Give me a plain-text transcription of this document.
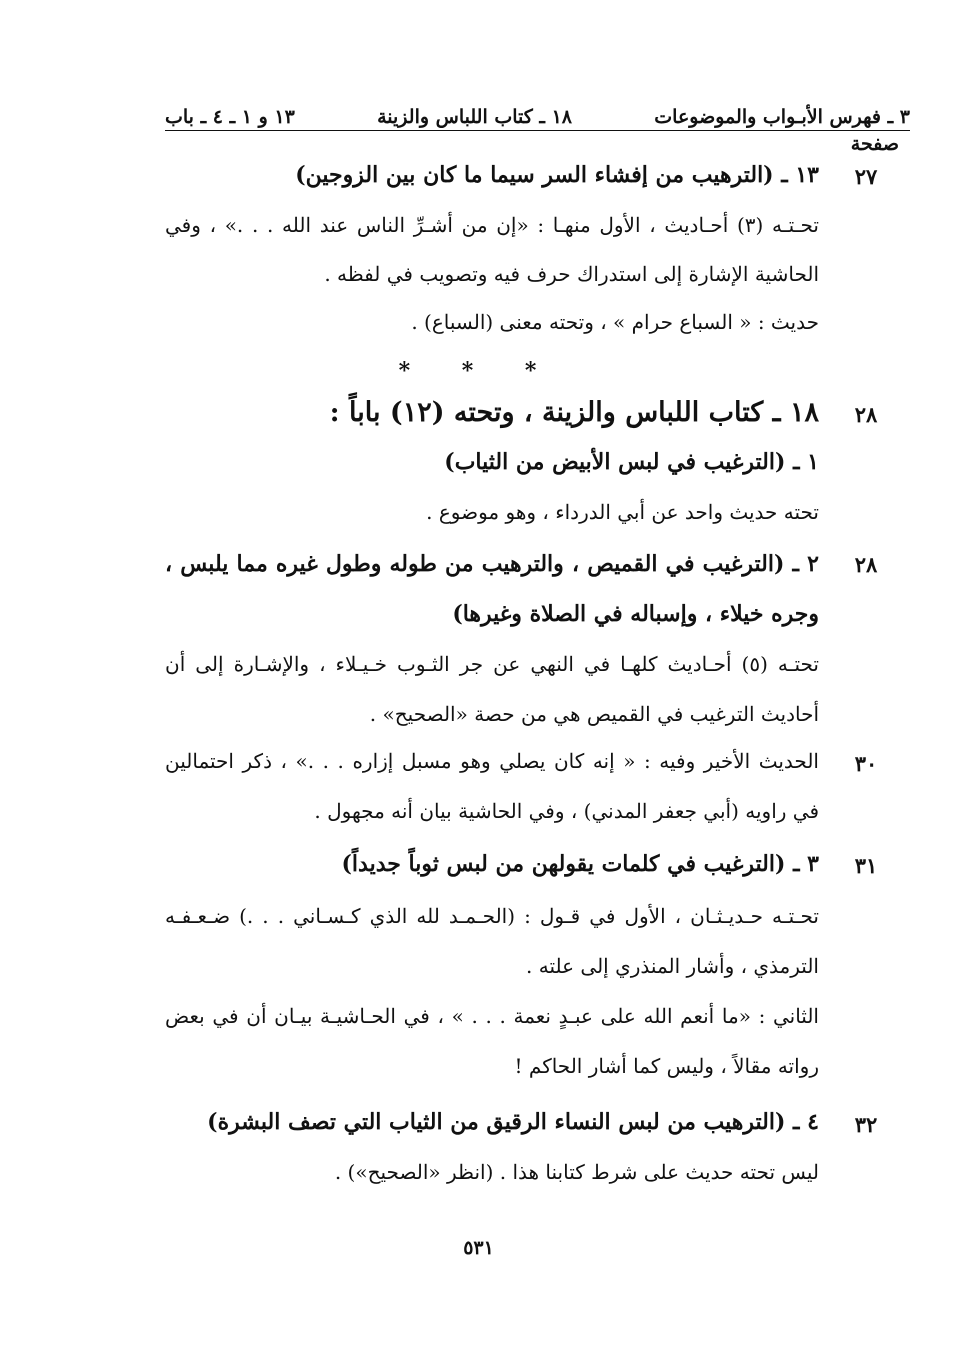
٣ ـ فهرس الأبـواب والموضوعات
١٨ ـ كتاب اللباس والزينة
١٣ و ١ ـ ٤ ـ باب
صفحة
٢٧
١٣ ـ (الترهيب من إفشاء السر سيما ما كان بين الزوجين)
تحـتـه (٣) أحـاديث ، الأول منهـا : «إن من أشـرِّ الناس عند الله . . .» ، وفي
الحاشية الإشارة إلى استدراك حرف فيه وتصويب في لفظه .
حديث : « السباع حرام » ، وتحته معنى (السباع) .
* * *
٢٨
١٨ ـ كتاب اللباس والزينة ، وتحته (١٢) باباً :
١ ـ (الترغيب في لبس الأبيض من الثياب)
تحته حديث واحد عن أبي الدرداء ، وهو موضوع .
٢٨
٢ ـ (الترغيب في القميص ، والترهيب من طوله وطول غيره مما يلبس ،
وجره خيلاء ، وإسباله في الصلاة وغيرها)
تحتـه (٥) أحـاديث كلهـا في النهي عن جر الثـوب خـيـلاء ، والإشـارة إلى أن
أحاديث الترغيب في القميص هي من حصة «الصحيح» .
٣٠
الحديث الأخير وفيه : « إنه كان يصلي وهو مسبل إزاره . . .» ، ذكر احتمالين
في راويه (أبي جعفر المدني) ، وفي الحاشية بيان أنه مجهول .
٣١
٣ ـ (الترغيب في كلمات يقولهن من لبس ثوباً جديداً)
تحـتـه حـديـثـان ، الأول في قـول : (الحـمـد لله الذي كـسـاني . . .) ضـعـفـه
الترمذي ، وأشار المنذري إلى علته .
الثاني : «ما أنعم الله على عبـدٍ نعمة . . . » ، في الحـاشيـة بيـان أن في بعض
رواته مقالاً ، وليس كما أشار الحاكم !
٣٢
٤ ـ (الترهيب من لبس النساء الرقيق من الثياب التي تصف البشرة)
ليس تحته حديث على شرط كتابنا هذا . (انظر «الصحيح») .
٥٣١
